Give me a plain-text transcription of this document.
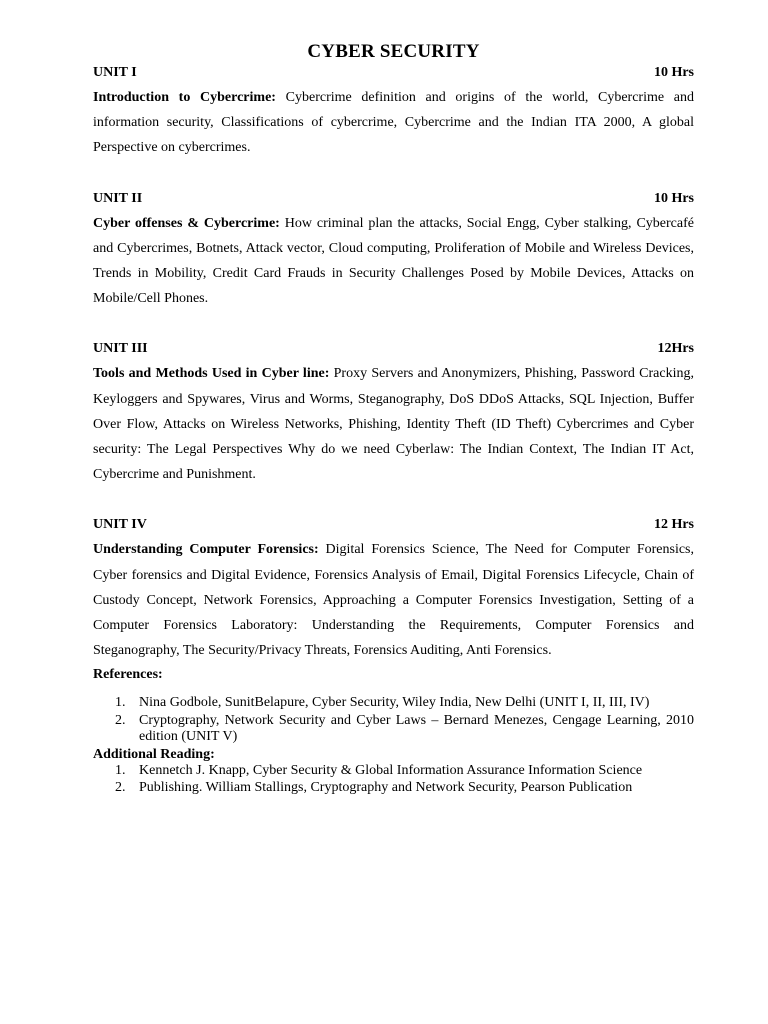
CYBER SECURITY
UNIT I	10 Hrs

Introduction to Cybercrime: Cybercrime definition and origins of the world, Cybercrime and information security, Classifications of cybercrime, Cybercrime and the Indian ITA 2000, A global Perspective on cybercrimes.

UNIT II	10 Hrs

Cyber offenses & Cybercrime: How criminal plan the attacks, Social Engg, Cyber stalking, Cybercafé and Cybercrimes, Botnets, Attack vector, Cloud computing, Proliferation of Mobile and Wireless Devices, Trends in Mobility, Credit Card Frauds in Security Challenges Posed by Mobile Devices, Attacks on Mobile/Cell Phones.

UNIT III	12Hrs

Tools and Methods Used in Cyber line: Proxy Servers and Anonymizers, Phishing, Password Cracking, Keyloggers and Spywares, Virus and Worms, Steganography, DoS DDoS Attacks, SQL Injection, Buffer Over Flow, Attacks on Wireless Networks, Phishing, Identity Theft (ID Theft) Cybercrimes and Cyber security: The Legal Perspectives Why do we need Cyberlaw: The Indian Context, The Indian IT Act, Cybercrime and Punishment.

UNIT IV	12 Hrs

Understanding Computer Forensics: Digital Forensics Science, The Need for Computer Forensics, Cyber forensics and Digital Evidence, Forensics Analysis of Email, Digital Forensics Lifecycle, Chain of Custody Concept, Network Forensics, Approaching a Computer Forensics Investigation, Setting of a Computer Forensics Laboratory: Understanding the Requirements, Computer Forensics and Steganography, The Security/Privacy Threats, Forensics Auditing, Anti Forensics.

References:
1. Nina Godbole, SunitBelapure, Cyber Security, Wiley India, New Delhi (UNIT I, II, III, IV)
2. Cryptography, Network Security and Cyber Laws – Bernard Menezes, Cengage Learning, 2010 edition (UNIT V)
Additional Reading:
1. Kennetch J. Knapp, Cyber Security & Global Information Assurance Information Science
2. Publishing. William Stallings, Cryptography and Network Security, Pearson Publication
